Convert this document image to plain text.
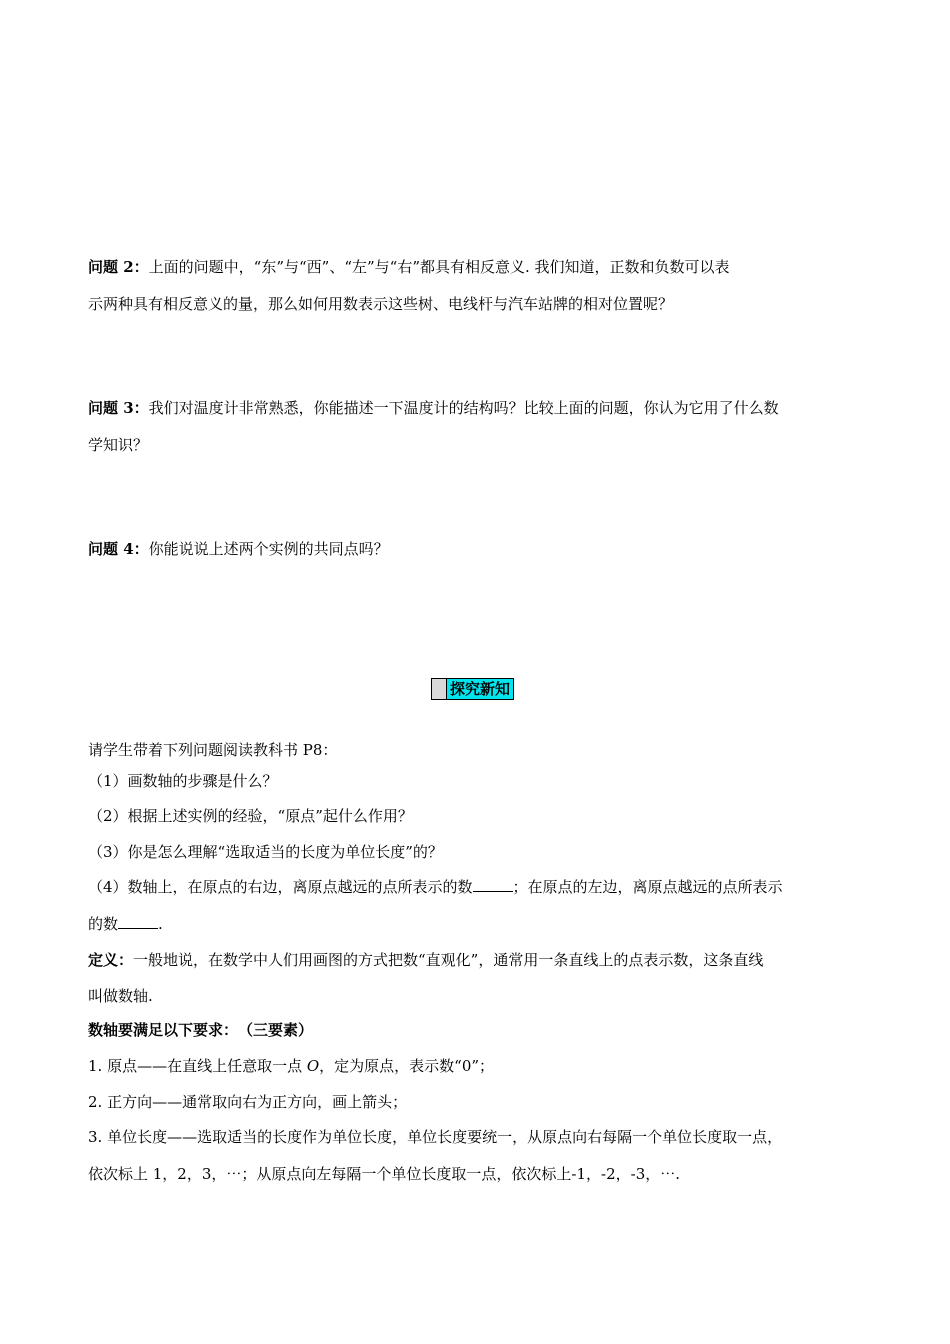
问题 2：上面的问题中，“东”与“西”、“左”与“右”都具有相反意义. 我们知道，正数和负数可以表
示两种具有相反意义的量，那么如何用数表示这些树、电线杆与汽车站牌的相对位置呢？
问题 3：我们对温度计非常熟悉，你能描述一下温度计的结构吗？比较上面的问题，你认为它用了什么数
学知识？
问题 4：你能说说上述两个实例的共同点吗？
探究新知
请学生带着下列问题阅读教科书 P8：
（1）画数轴的步骤是什么？
（2）根据上述实例的经验，“原点”起什么作用？
（3）你是怎么理解“选取适当的长度为单位长度”的？
（4）数轴上，在原点的右边，离原点越远的点所表示的数	；在原点的左边，离原点越远的点所表示
的数	.
定义：一般地说，在数学中人们用画图的方式把数“直观化”，通常用一条直线上的点表示数，这条直线
叫做数轴.
数轴要满足以下要求：　（三要素）
1. 原点——在直线上任意取一点 O，定为原点，表示数“0”；
2. 正方向——通常取向右为正方向，画上箭头；
3. 单位长度——选取适当的长度作为单位长度，单位长度要统一，从原点向右每隔一个单位长度取一点，
依次标上 1，2，3，⋯；从原点向左每隔一个单位长度取一点，依次标上-1，-2，-3，⋯.
